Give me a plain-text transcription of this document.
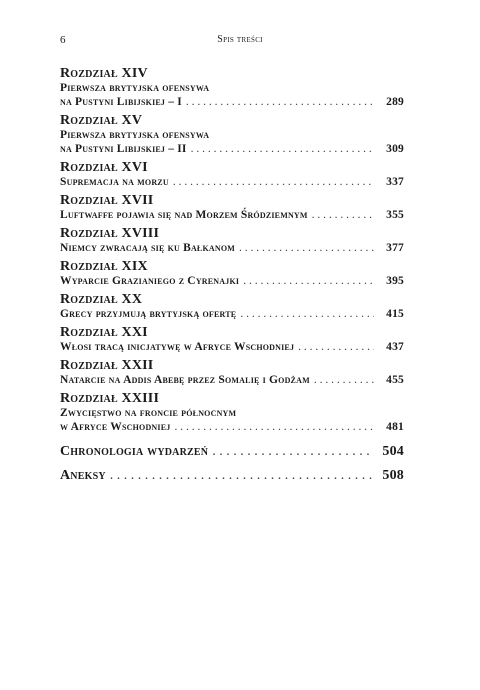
6	Spis treści
Rozdział XIV
Pierwsza brytyjska ofensywa
na Pustyni Libijskiej – I . . .	289
Rozdział XV
Pierwsza brytyjska ofensywa
na Pustyni Libijskiej – II . . .	309
Rozdział XVI
Supremacja na morzu . . .	337
Rozdział XVII
Luftwaffe pojawia się nad Morzem Śródziemnym . . .	355
Rozdział XVIII
Niemcy zwracają się ku Bałkanom . . .	377
Rozdział XIX
Wyparcie Grazianiego z Cyrenajki . . .	395
Rozdział XX
Grecy przyjmują brytyjską ofertę . . .	415
Rozdział XXI
Włosi tracą inicjatywę w Afryce Wschodniej . . .	437
Rozdział XXII
Natarcie na Addis Abebę przez Somalię i Godżam . . .	455
Rozdział XXIII
Zwycięstwo na froncie północnym
w Afryce Wschodniej . . .	481
Chronologia wydarzeń . . .	504
Aneksy . . .	508
